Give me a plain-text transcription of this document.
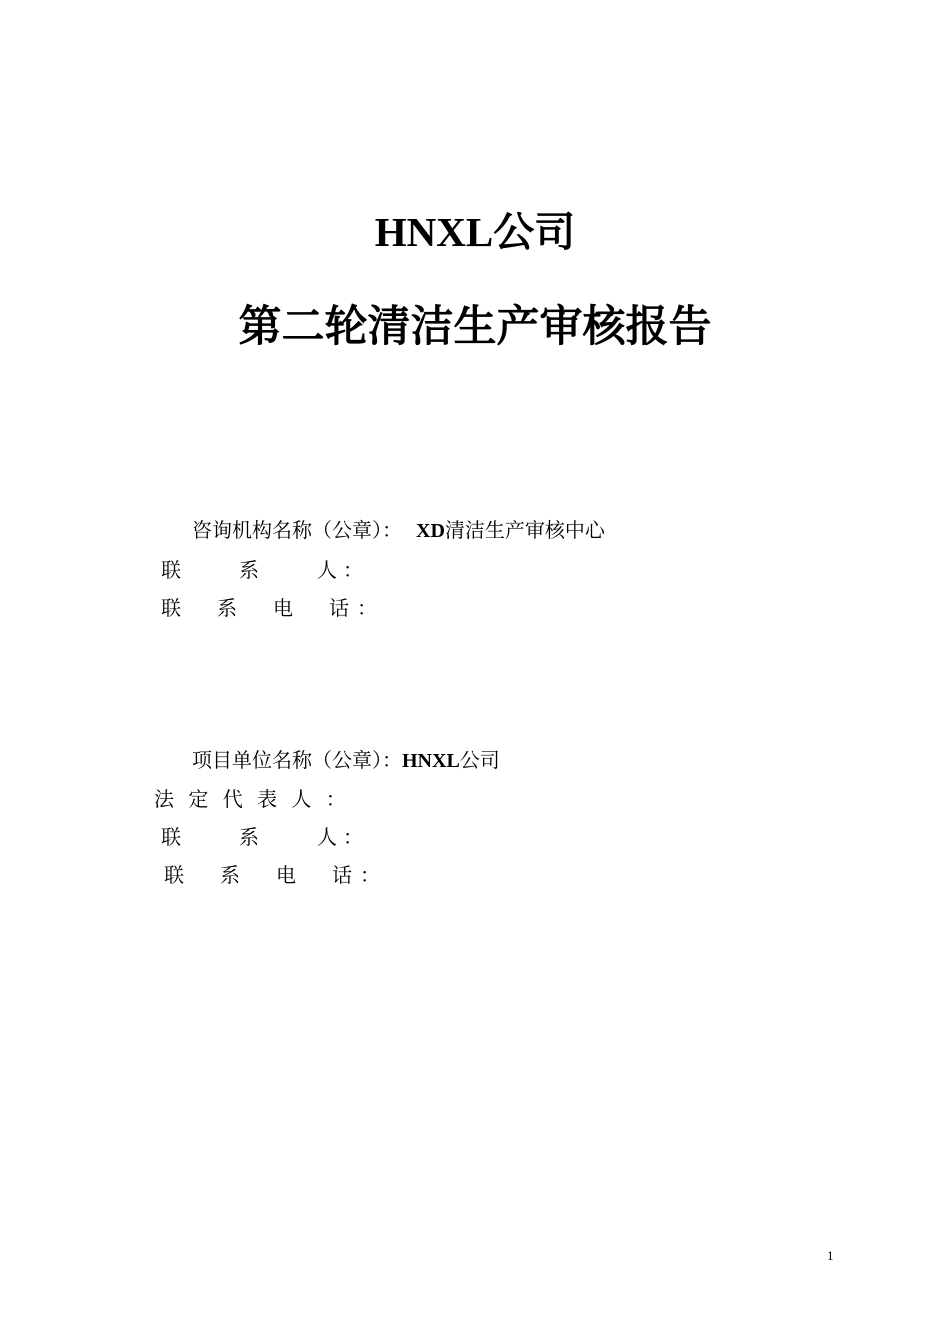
HNXL公司
第二轮清洁生产审核报告
咨询机构名称（公章）： XD清洁生产审核中心
联　　系　　人：
联　系　电　话：
项目单位名称（公章）：HNXL公司
法 定 代 表 人 ：
联　　系　　人：
联　系　电　话：
1
